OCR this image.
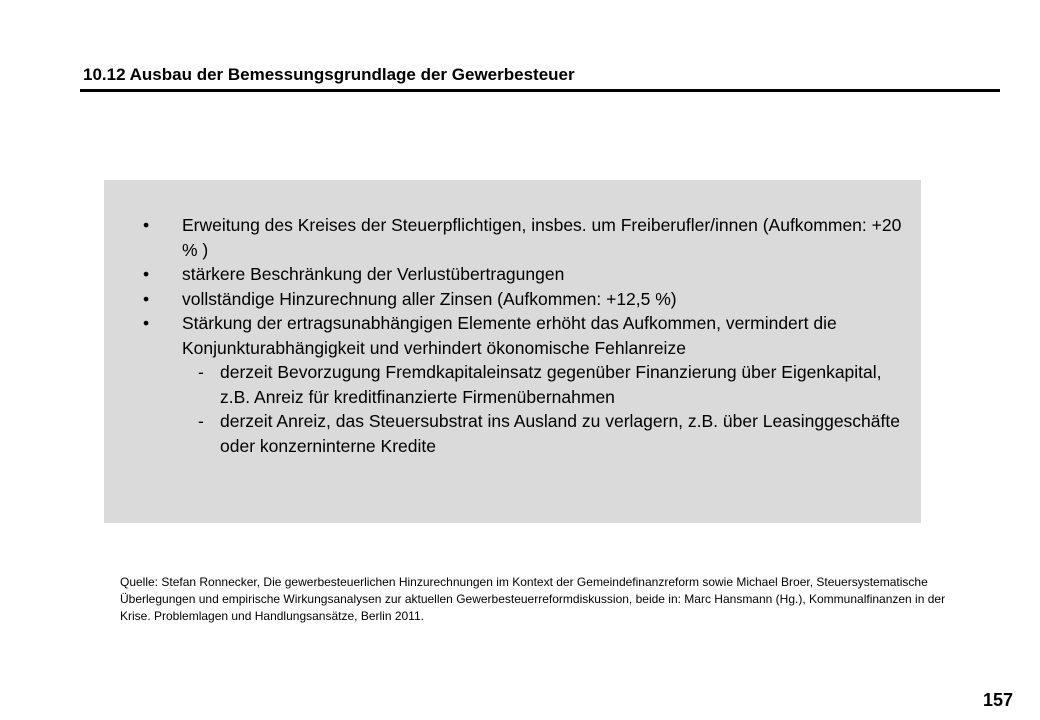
10.12 Ausbau der Bemessungsgrundlage der Gewerbesteuer
• Erweitung des Kreises der Steuerpflichtigen, insbes. um Freiberufler/innen (Aufkommen: +20 % )
• stärkere Beschränkung der Verlustübertragungen
• vollständige Hinzurechnung aller Zinsen (Aufkommen: +12,5 %)
• Stärkung der ertragsunabhängigen Elemente erhöht das Aufkommen, vermindert die Konjunkturabhängigkeit und verhindert ökonomische Fehlanreize
- derzeit Bevorzugung Fremdkapitaleinsatz gegenüber Finanzierung über Eigenkapital, z.B. Anreiz für kreditfinanzierte Firmenübernahmen
- derzeit Anreiz, das Steuersubstrat ins Ausland zu verlagern, z.B. über Leasinggeschäfte oder konzerninterne Kredite
Quelle: Stefan Ronnecker, Die gewerbesteuerlichen Hinzurechnungen im Kontext der Gemeindefinanzreform sowie Michael Broer, Steuersystematische Überlegungen und empirische Wirkungsanalysen zur aktuellen Gewerbesteuerreformdiskussion, beide in: Marc Hansmann (Hg.), Kommunalfinanzen in der Krise. Problemlagen und Handlungsansätze, Berlin 2011.
157
